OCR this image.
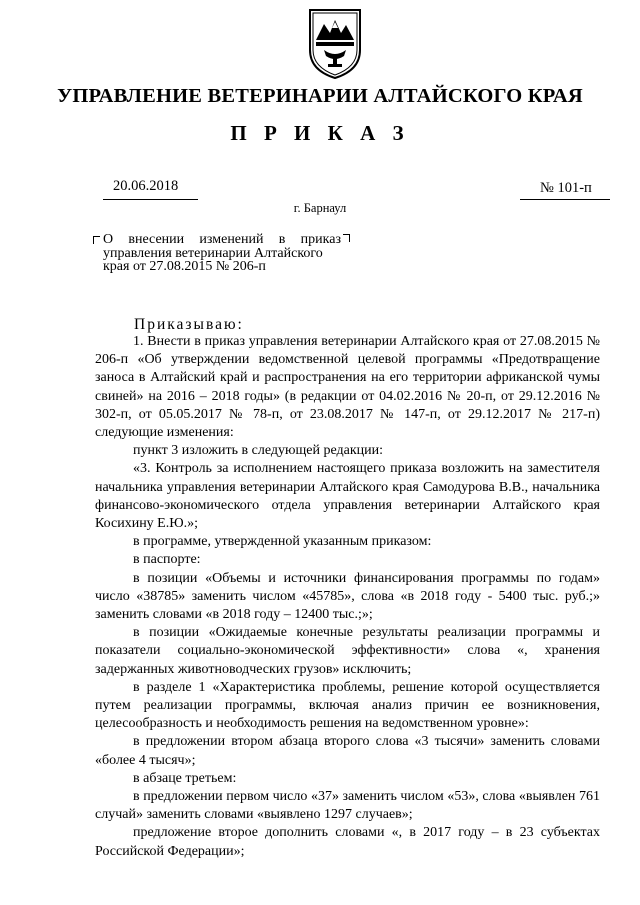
УПРАВЛЕНИЕ ВЕТЕРИНАРИИ АЛТАЙСКОГО КРАЯ
П Р И К А З
20.06.2018	№ 101-п
г. Барнаул
О внесении изменений в приказ
управления ветеринарии Алтайского
края от 27.08.2015 № 206-п
Приказываю:

1. Внести в приказ управления ветеринарии Алтайского края от 27.08.2015 № 206-п «Об утверждении ведомственной целевой программы «Предотвращение заноса в Алтайский край и распространения на его территории африканской чумы свиней» на 2016 – 2018 годы» (в редакции от 04.02.2016 № 20-п, от 29.12.2016 № 302-п, от 05.05.2017 № 78-п, от 23.08.2017 № 147-п, от 29.12.2017 № 217-п) следующие изменения:

пункт 3 изложить в следующей редакции:

«3. Контроль за исполнением настоящего приказа возложить на заместителя начальника управления ветеринарии Алтайского края Самодурова В.В., начальника финансово-экономического отдела управления ветеринарии Алтайского края Косихину Е.Ю.»;

в программе, утвержденной указанным приказом:

в паспорте:

в позиции «Объемы и источники финансирования программы по годам» число «38785» заменить числом «45785», слова «в 2018 году - 5400 тыс. руб.;» заменить словами «в 2018 году – 12400 тыс.;»;

в позиции «Ожидаемые конечные результаты реализации программы и показатели социально-экономической эффективности» слова «, хранения задержанных животноводческих грузов» исключить;

в разделе 1 «Характеристика проблемы, решение которой осуществляется путем реализации программы, включая анализ причин ее возникновения, целесообразность и необходимость решения на ведомственном уровне»:

в предложении втором абзаца второго слова «3 тысячи» заменить словами «более 4 тысяч»;

в абзаце третьем:

в предложении первом число «37» заменить числом «53», слова «выявлен 761 случай» заменить словами «выявлено 1297 случаев»;

предложение второе дополнить словами «, в 2017 году – в 23 субъектах Российской Федерации»;
